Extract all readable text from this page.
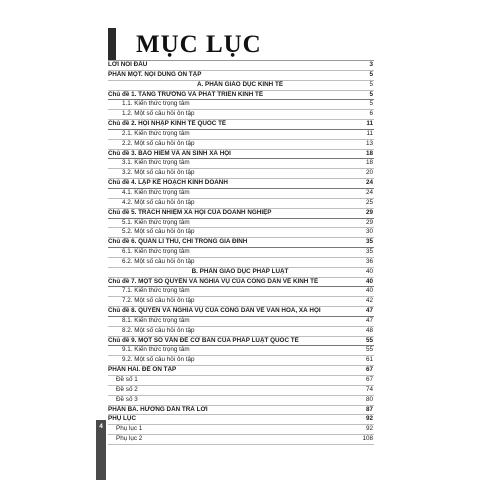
MỤC LỤC
LỜI NÓI ĐẦU	3
PHẦN MỘT. NỘI DUNG ÔN TẬP	5
A. PHẦN GIÁO DỤC KINH TẾ	5
Chủ đề 1. TĂNG TRƯỞNG VÀ PHÁT TRIỂN KINH TẾ	5
1.1. Kiến thức trọng tâm	5
1.2. Một số câu hỏi ôn tập	6
Chủ đề 2. HỘI NHẬP KINH TẾ QUỐC TẾ	11
2.1. Kiến thức trọng tâm	11
2.2. Một số câu hỏi ôn tập	13
Chủ đề 3. BẢO HIỂM VÀ AN SINH XÃ HỘI	18
3.1. Kiến thức trọng tâm	18
3.2. Một số câu hỏi ôn tập	20
Chủ đề 4. LẬP KẾ HOẠCH KINH DOANH	24
4.1. Kiến thức trọng tâm	24
4.2. Một số câu hỏi ôn tập	25
Chủ đề 5. TRÁCH NHIỆM XÃ HỘI CỦA DOANH NGHIỆP	29
5.1. Kiến thức trọng tâm	29
5.2. Một số câu hỏi ôn tập	30
Chủ đề 6. QUẢN LÍ THU, CHI TRONG GIA ĐÌNH	35
6.1. Kiến thức trọng tâm	35
6.2. Một số câu hỏi ôn tập	36
B. PHẦN GIÁO DỤC PHÁP LUẬT	40
Chủ đề 7. MỘT SỐ QUYỀN VÀ NGHĨA VỤ CỦA CÔNG DÂN VỀ KINH TẾ	40
7.1. Kiến thức trọng tâm	40
7.2. Một số câu hỏi ôn tập	42
Chủ đề 8. QUYỀN VÀ NGHĨA VỤ CỦA CÔNG DÂN VỀ VĂN HOÁ, XÃ HỘI	47
8.1. Kiến thức trọng tâm	47
8.2. Một số câu hỏi ôn tập	48
Chủ đề 9. MỘT SỐ VẤN ĐỀ CƠ BẢN CỦA PHÁP LUẬT QUỐC TẾ	55
9.1. Kiến thức trọng tâm	55
9.2. Một số câu hỏi ôn tập	61
PHẦN HAI. ĐỀ ÔN TẬP	67
Đề số 1	67
Đề số 2	74
Đề số 3	80
PHẦN BA. HƯỚNG DẪN TRẢ LỜI	87
PHỤ LỤC	92
Phụ lục 1	92
Phụ lục 2	108
4
